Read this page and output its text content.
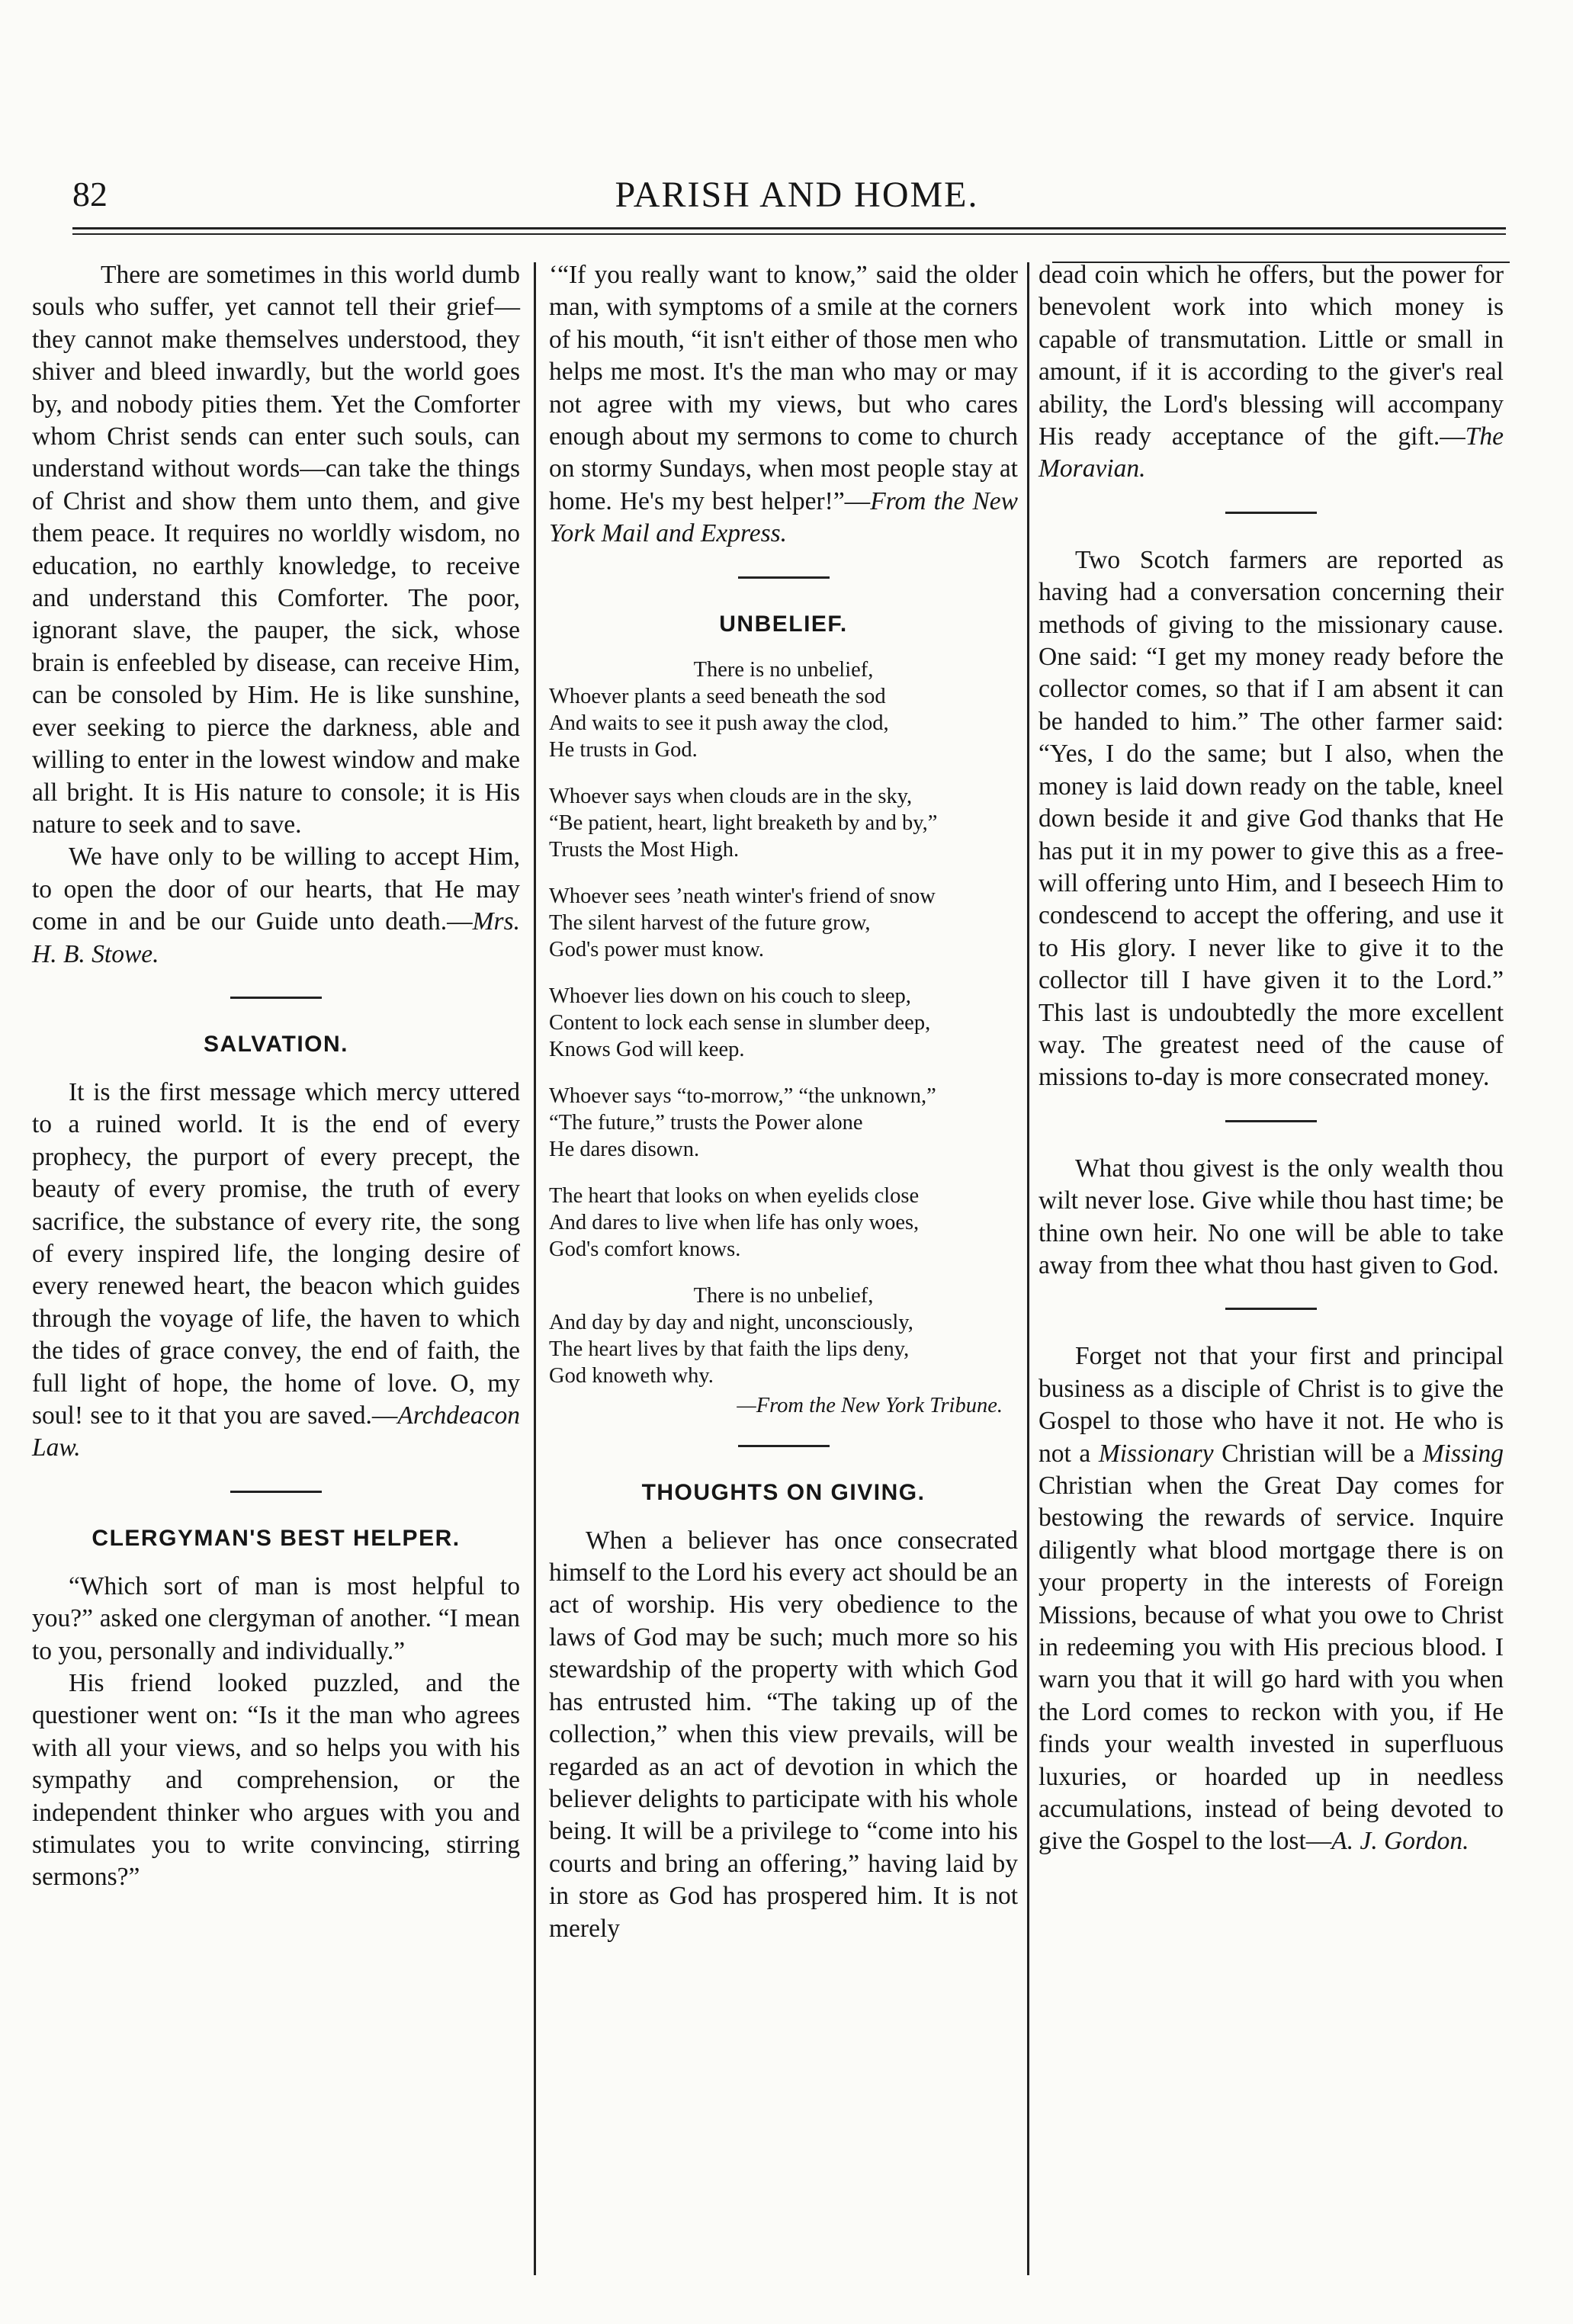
82	PARISH AND HOME.

There are sometimes in this world dumb souls who suffer, yet cannot tell their grief—they cannot make themselves understood, they shiver and bleed inwardly, but the world goes by, and nobody pities them. Yet the Comforter whom Christ sends can enter such souls, can understand without words—can take the things of Christ and show them unto them, and give them peace. It requires no worldly wisdom, no education, no earthly knowledge, to receive and understand this Comforter. The poor, ignorant slave, the pauper, the sick, whose brain is enfeebled by disease, can receive Him, can be consoled by Him. He is like sunshine, ever seeking to pierce the darkness, able and willing to enter in the lowest window and make all bright. It is His nature to console; it is His nature to seek and to save.

We have only to be willing to accept Him, to open the door of our hearts, that He may come in and be our Guide unto death.—Mrs. H. B. Stowe.

SALVATION.

It is the first message which mercy uttered to a ruined world. It is the end of every prophecy, the purport of every precept, the beauty of every promise, the truth of every sacrifice, the substance of every rite, the song of every inspired life, the longing desire of every renewed heart, the beacon which guides through the voyage of life, the haven to which the tides of grace convey, the end of faith, the full light of hope, the home of love. O, my soul! see to it that you are saved.—Archdeacon Law.

CLERGYMAN'S BEST HELPER.

“Which sort of man is most helpful to you?” asked one clergyman of another. “I mean to you, personally and individually.”

His friend looked puzzled, and the questioner went on: “Is it the man who agrees with all your views, and so helps you with his sympathy and comprehension, or the independent thinker who argues with you and stimulates you to write convincing, stirring sermons?”

‘“If you really want to know,” said the older man, with symptoms of a smile at the corners of his mouth, “it isn't either of those men who helps me most. It's the man who may or may not agree with my views, but who cares enough about my sermons to come to church on stormy Sundays, when most people stay at home. He's my best helper!”—From the New York Mail and Express.

UNBELIEF.
There is no unbelief,
Whoever plants a seed beneath the sod
And waits to see it push away the clod,
He trusts in God.
Whoever says when clouds are in the sky,
“Be patient, heart, light breaketh by and by,”
Trusts the Most High.
Whoever sees ’neath winter's friend of snow
The silent harvest of the future grow,
God's power must know.
Whoever lies down on his couch to sleep,
Content to lock each sense in slumber deep,
Knows God will keep.
Whoever says “to-morrow,” “the unknown,”
“The future,” trusts the Power alone
He dares disown.
The heart that looks on when eyelids close
And dares to live when life has only woes,
God's comfort knows.
There is no unbelief,
And day by day and night, unconsciously,
The heart lives by that faith the lips deny,
God knoweth why.
—From the New York Tribune.
THOUGHTS ON GIVING.

When a believer has once consecrated himself to the Lord his every act should be an act of worship. His very obedience to the laws of God may be such; much more so his stewardship of the property with which God has entrusted him. “The taking up of the collection,” when this view prevails, will be regarded as an act of devotion in which the believer delights to participate with his whole being. It will be a privilege to “come into his courts and bring an offering,” having laid by in store as God has prospered him. It is not merely

dead coin which he offers, but the power for benevolent work into which money is capable of transmutation. Little or small in amount, if it is according to the giver's real ability, the Lord's blessing will accompany His ready acceptance of the gift.—The Moravian.

Two Scotch farmers are reported as having had a conversation concerning their methods of giving to the missionary cause. One said: “I get my money ready before the collector comes, so that if I am absent it can be handed to him.” The other farmer said: “Yes, I do the same; but I also, when the money is laid down ready on the table, kneel down beside it and give God thanks that He has put it in my power to give this as a free-will offering unto Him, and I beseech Him to condescend to accept the offering, and use it to His glory. I never like to give it to the collector till I have given it to the Lord.” This last is undoubtedly the more excellent way. The greatest need of the cause of missions to-day is more consecrated money.

What thou givest is the only wealth thou wilt never lose. Give while thou hast time; be thine own heir. No one will be able to take away from thee what thou hast given to God.

Forget not that your first and principal business as a disciple of Christ is to give the Gospel to those who have it not. He who is not a Missionary Christian will be a Missing Christian when the Great Day comes for bestowing the rewards of service. Inquire diligently what blood mortgage there is on your property in the interests of Foreign Missions, because of what you owe to Christ in redeeming you with His precious blood. I warn you that it will go hard with you when the Lord comes to reckon with you, if He finds your wealth invested in superfluous luxuries, or hoarded up in needless accumulations, instead of being devoted to give the Gospel to the lost—A. J. Gordon.
